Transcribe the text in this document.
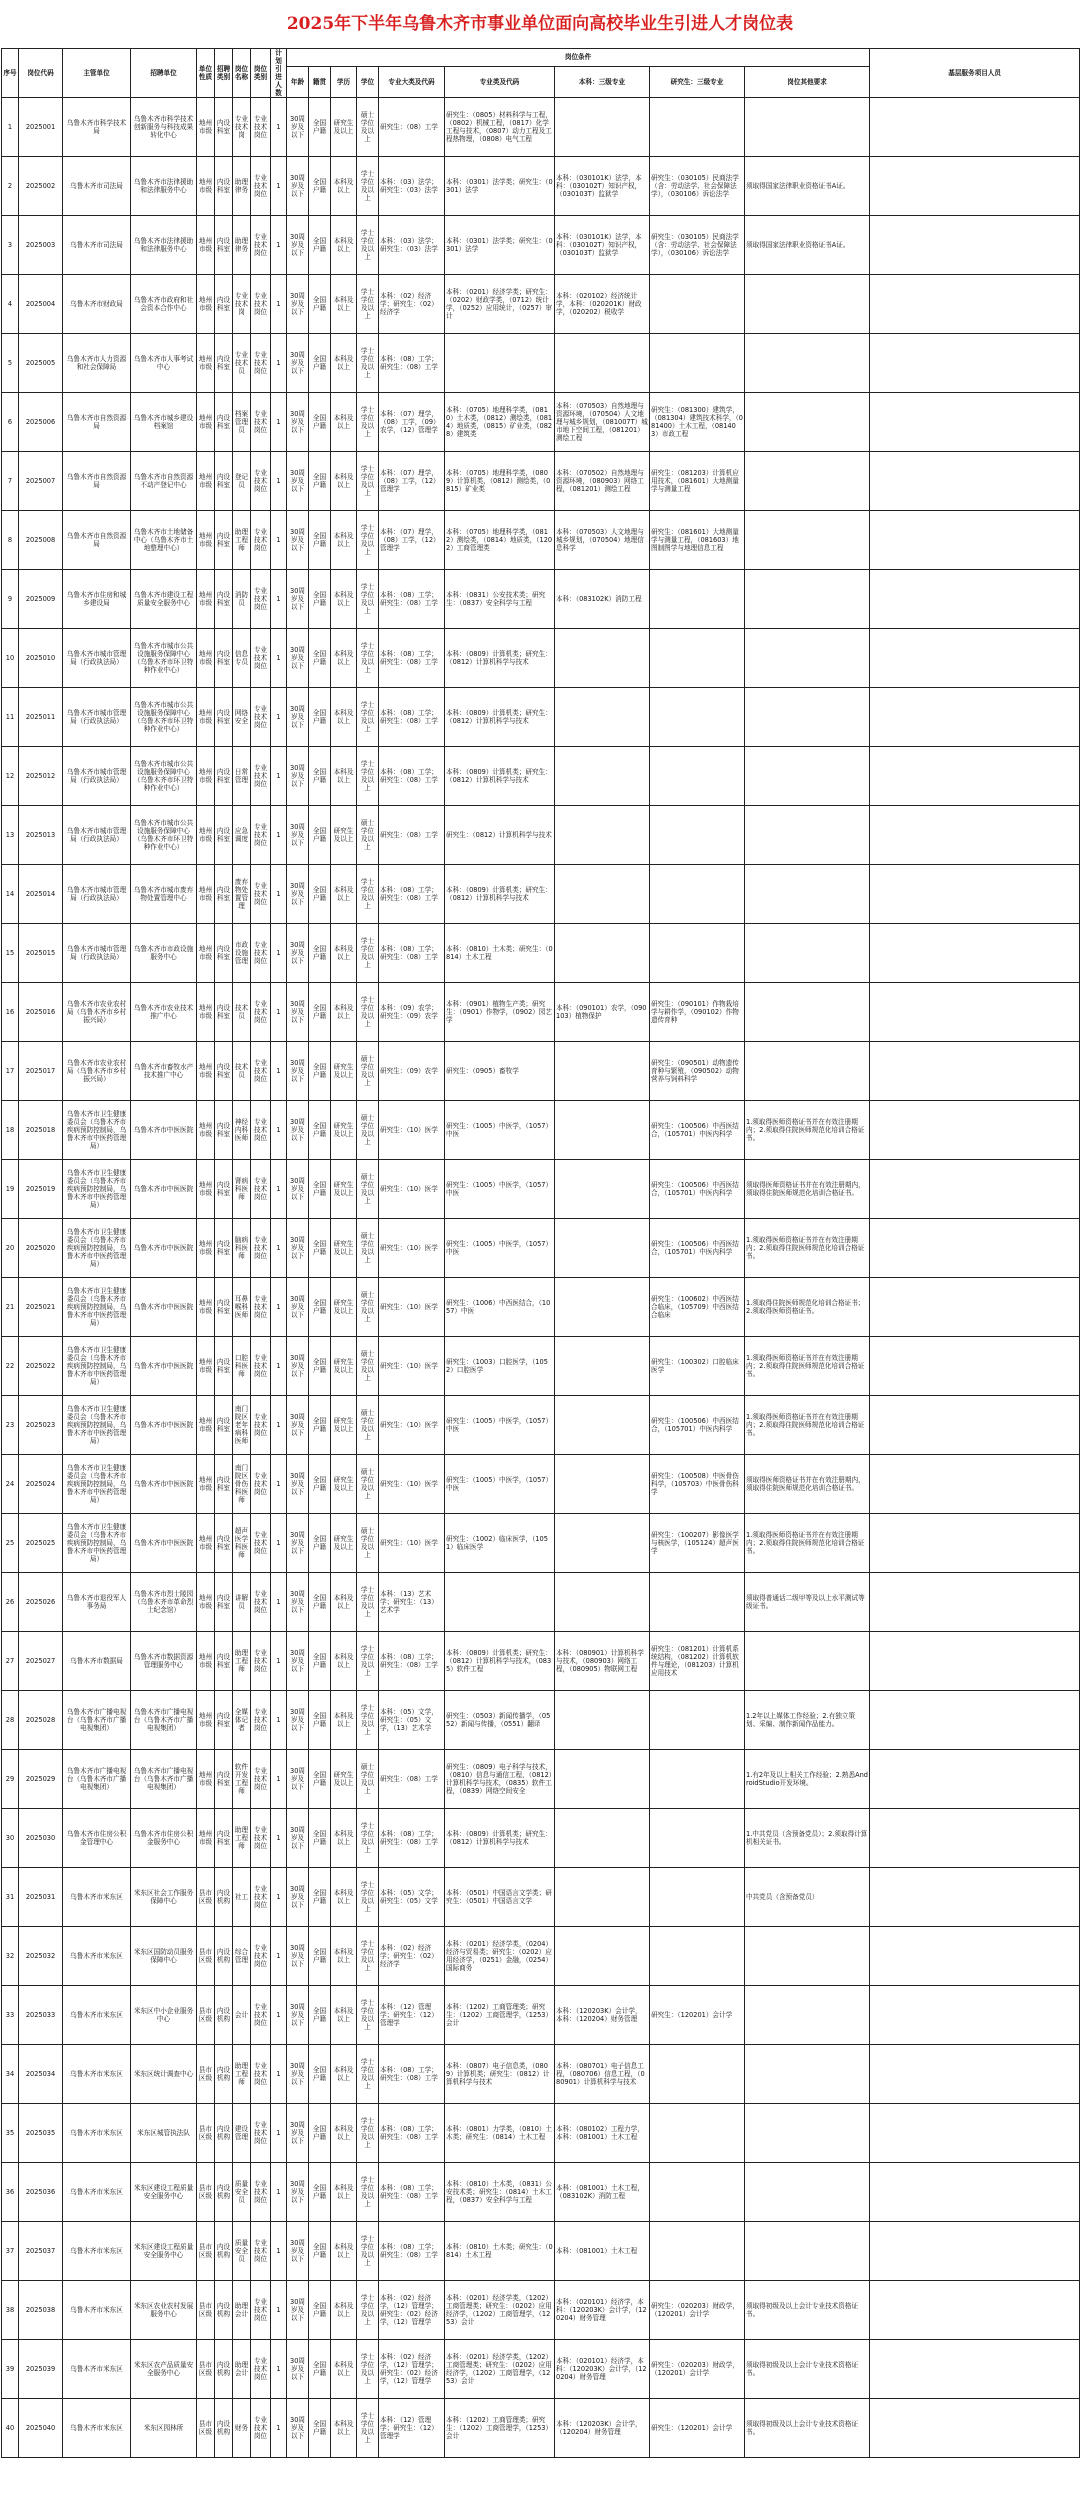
2025年下半年乌鲁木齐市事业单位面向高校毕业生引进人才岗位表
序号	岗位代码	主管单位	招聘单位	单位性质	招聘类别	岗位名称	岗位类别	计划引进人数	岗位条件									基层服务项目人员
									年龄	籍贯	学历	学位	专业大类及代码	专业类及代码	本科：三级专业	研究生：三级专业	岗位其他要求	
1	2025001	乌鲁木齐市科学技术局	乌鲁木齐市科学技术创新服务与科技成果转化中心	地州市级	内设科室	专业技术岗	专业技术岗位	1	30周岁及以下	全国户籍	研究生及以上	硕士学位及以上	研究生：（08）工学	研究生：（0805）材料科学与工程，（0802）机械工程，（0817）化学工程与技术，（0807）动力工程及工程热物理，（0808）电气工程				
2	2025002	乌鲁木齐市司法局	乌鲁木齐市法律援助和法律服务中心	地州市级	内设科室	助理律务	专业技术岗位	1	30周岁及以下	全国户籍	本科及以上	学士学位及以上	本科：（03）法学；研究生：（03）法学	本科：（0301）法学类；研究生：（0301）法学	本科：（030101K）法学，本科：（030102T）知识产权，（030103T）监狱学	研究生：（030105）民商法学（含：劳动法学、社会保障法学），（030106）诉讼法学	须取得国家法律职业资格证书A证。	
3	2025003	乌鲁木齐市司法局	乌鲁木齐市法律援助和法律服务中心	地州市级	内设科室	助理律务	专业技术岗位	1	30周岁及以下	全国户籍	本科及以上	学士学位及以上	本科：（03）法学；研究生：（03）法学	本科：（0301）法学类；研究生：（0301）法学	本科：（030101K）法学，本科：（030102T）知识产权，（030103T）监狱学	研究生：（030105）民商法学（含：劳动法学、社会保障法学），（030106）诉讼法学	须取得国家法律职业资格证书A证。	
4	2025004	乌鲁木齐市财政局	乌鲁木齐市政府和社会资本合作中心	地州市级	内设科室	专业技术岗	专业技术岗位	1	30周岁及以下	全国户籍	本科及以上	学士学位及以上	本科：（02）经济学；研究生：（02）经济学	本科：（0201）经济学类；研究生：（0202）财政学类，（0712）统计学，（0252）应用统计，（0257）审计	本科：（020102）经济统计学，本科：（020201K）财政学，（020202）税收学			
5	2025005	乌鲁木齐市人力资源和社会保障局	乌鲁木齐市人事考试中心	地州市级	内设科室	专业技术员	专业技术岗位	1	30周岁及以下	全国户籍	本科及以上	学士学位及以上	本科：（08）工学；研究生：（08）工学					
6	2025006	乌鲁木齐市自然资源局	乌鲁木齐市城乡建设档案馆	地州市级	内设科室	档案管理员	专业技术岗位	1	30周岁及以下	全国户籍	本科及以上	学士学位及以上	本科：（07）理学，（08）工学，（09）农学，（12）管理学	本科：（0705）地理科学类，（0810）土木类，（0812）测绘类，（0814）地质类，（0815）矿业类，（0828）建筑类	本科：（070503）自然地理与资源环境，（070504）人文地理与城乡规划，（081007T）城市地下空间工程，（081201）测绘工程	研究生：（081300）建筑学，（081304）建筑技术科学，（081400）土木工程，（081403）市政工程		
7	2025007	乌鲁木齐市自然资源局	乌鲁木齐市自然资源不动产登记中心	地州市级	内设科室	登记员	专业技术岗位	1	30周岁及以下	全国户籍	本科及以上	学士学位及以上	本科：（07）理学，（08）工学，（12）管理学	本科：（0705）地理科学类，（0809）计算机类，（0812）测绘类，（0815）矿业类	本科：（070502）自然地理与资源环境，（080903）网络工程，（081201）测绘工程	研究生：（081203）计算机应用技术，（081601）大地测量学与测量工程		
8	2025008	乌鲁木齐市自然资源局	乌鲁木齐市土地储备中心（乌鲁木齐市土地整理中心）	地州市级	内设科室	助理工程师	专业技术岗位	1	30周岁及以下	全国户籍	本科及以上	学士学位及以上	本科：（07）理学，（08）工学，（12）管理学	本科：（0705）地理科学类，（0812）测绘类，（0814）地质类，（1202）工商管理类	本科：（070503）人文地理与城乡规划，（070504）地理信息科学	研究生：（081601）大地测量学与测量工程，（081603）地图制图学与地理信息工程		
9	2025009	乌鲁木齐市住房和城乡建设局	乌鲁木齐市建设工程质量安全服务中心	地州市级	内设科室	消防员	专业技术岗位	1	30周岁及以下	全国户籍	本科及以上	学士学位及以上	本科：（08）工学；研究生：（08）工学	本科：（0831）公安技术类；研究生：（0837）安全科学与工程	本科：（083102K）消防工程			
10	2025010	乌鲁木齐市城市管理局（行政执法局）	乌鲁木齐市城市公共设施服务保障中心（乌鲁木齐市环卫特种作业中心）	地州市级	内设科室	信息专员	专业技术岗位	1	30周岁及以下	全国户籍	本科及以上	学士学位及以上	本科：（08）工学；研究生：（08）工学	本科：（0809）计算机类；研究生：（0812）计算机科学与技术				
11	2025011	乌鲁木齐市城市管理局（行政执法局）	乌鲁木齐市城市公共设施服务保障中心（乌鲁木齐市环卫特种作业中心）	地州市级	内设科室	网络安全	专业技术岗位	1	30周岁及以下	全国户籍	本科及以上	学士学位及以上	本科：（08）工学；研究生：（08）工学	本科：（0809）计算机类；研究生：（0812）计算机科学与技术				
12	2025012	乌鲁木齐市城市管理局（行政执法局）	乌鲁木齐市城市公共设施服务保障中心（乌鲁木齐市环卫特种作业中心）	地州市级	内设科室	日常管理	专业技术岗位	1	30周岁及以下	全国户籍	本科及以上	学士学位及以上	本科：（08）工学；研究生：（08）工学	本科：（0809）计算机类；研究生：（0812）计算机科学与技术				
13	2025013	乌鲁木齐市城市管理局（行政执法局）	乌鲁木齐市城市公共设施服务保障中心（乌鲁木齐市环卫特种作业中心）	地州市级	内设科室	应急调度	专业技术岗位	1	30周岁及以下	全国户籍	研究生及以上	硕士学位及以上	研究生：（08）工学	研究生：（0812）计算机科学与技术				
14	2025014	乌鲁木齐市城市管理局（行政执法局）	乌鲁木齐市城市废弃物处置管理中心	地州市级	内设科室	废弃物处置管理	专业技术岗位	1	30周岁及以下	全国户籍	本科及以上	学士学位及以上	本科：（08）工学；研究生：（08）工学	本科：（0809）计算机类；研究生：（0812）计算机科学与技术				
15	2025015	乌鲁木齐市城市管理局（行政执法局）	乌鲁木齐市市政设施服务中心	地州市级	内设科室	市政设施管理	专业技术岗位	1	30周岁及以下	全国户籍	本科及以上	学士学位及以上	本科：（08）工学；研究生：（08）工学	本科：（0810）土木类；研究生：（0814）土木工程				
16	2025016	乌鲁木齐市农业农村局（乌鲁木齐市乡村振兴局）	乌鲁木齐市农业技术推广中心	地州市级	内设科室	技术员	专业技术岗位	1	30周岁及以下	全国户籍	本科及以上	学士学位及以上	本科：（09）农学；研究生：（09）农学	本科：（0901）植物生产类；研究生：（0901）作物学，（0902）园艺学	本科：（090101）农学，（090103）植物保护	研究生：（090101）作物栽培学与耕作学，（090102）作物遗传育种		
17	2025017	乌鲁木齐市农业农村局（乌鲁木齐市乡村振兴局）	乌鲁木齐市畜牧水产技术推广中心	地州市级	内设科室	技术员	专业技术岗位	1	30周岁及以下	全国户籍	研究生及以上	硕士学位及以上	研究生：（09）农学	研究生：（0905）畜牧学		研究生：（090501）动物遗传育种与繁殖，（090502）动物营养与饲料科学		
18	2025018	乌鲁木齐市卫生健康委员会（乌鲁木齐市疾病预防控制局，乌鲁木齐市中医药管理局）	乌鲁木齐市中医医院	地州市级	内设科室	神经内科医师	专业技术岗位	1	30周岁及以下	全国户籍	研究生及以上	硕士学位及以上	研究生：（10）医学	研究生：（1005）中医学，（1057）中医		研究生：（100506）中西医结合，（105701）中医内科学	1.须取得医师资格证书并在有效注册期内；2.须取得住院医师规范化培训合格证书。	
19	2025019	乌鲁木齐市卫生健康委员会（乌鲁木齐市疾病预防控制局，乌鲁木齐市中医药管理局）	乌鲁木齐市中医医院	地州市级	内设科室	肾病科医师	专业技术岗位	1	30周岁及以下	全国户籍	研究生及以上	硕士学位及以上	研究生：（10）医学	研究生：（1005）中医学，（1057）中医		研究生：（100506）中西医结合，（105701）中医内科学	须取得医师资格证书并在有效注册期内，须取得住院医师规范化培训合格证书。	
20	2025020	乌鲁木齐市卫生健康委员会（乌鲁木齐市疾病预防控制局，乌鲁木齐市中医药管理局）	乌鲁木齐市中医医院	地州市级	内设科室	脑病科医师	专业技术岗位	1	30周岁及以下	全国户籍	研究生及以上	硕士学位及以上	研究生：（10）医学	研究生：（1005）中医学，（1057）中医		研究生：（100506）中西医结合，（105701）中医内科学	1.须取得医师资格证书并在有效注册期内；2.须取得住院医师规范化培训合格证书。	
21	2025021	乌鲁木齐市卫生健康委员会（乌鲁木齐市疾病预防控制局，乌鲁木齐市中医药管理局）	乌鲁木齐市中医医院	地州市级	内设科室	耳鼻喉科医师	专业技术岗位	1	30周岁及以下	全国户籍	研究生及以上	硕士学位及以上	研究生：（10）医学	研究生：（1006）中西医结合，（1057）中医		研究生：（100602）中西医结合临床，（105709）中西医结合临床	1.须取得住院医师规范化培训合格证书；2.须取得医师资格证书。	
22	2025022	乌鲁木齐市卫生健康委员会（乌鲁木齐市疾病预防控制局，乌鲁木齐市中医药管理局）	乌鲁木齐市中医医院	地州市级	内设科室	口腔科医师	专业技术岗位	1	30周岁及以下	全国户籍	研究生及以上	硕士学位及以上	研究生：（10）医学	研究生：（1003）口腔医学，（1052）口腔医学		研究生：（100302）口腔临床医学	1.须取得医师资格证书并在有效注册期内；2.须取得住院医师规范化培训合格证书。	
23	2025023	乌鲁木齐市卫生健康委员会（乌鲁木齐市疾病预防控制局，乌鲁木齐市中医药管理局）	乌鲁木齐市中医医院	地州市级	内设科室	南门院区老年病科医师	专业技术岗位	1	30周岁及以下	全国户籍	研究生及以上	硕士学位及以上	研究生：（10）医学	研究生：（1005）中医学，（1057）中医		研究生：（100506）中西医结合，（105701）中医内科学	1.须取得医师资格证书并在有效注册期内；2.须取得住院医师规范化培训合格证书。	
24	2025024	乌鲁木齐市卫生健康委员会（乌鲁木齐市疾病预防控制局，乌鲁木齐市中医药管理局）	乌鲁木齐市中医医院	地州市级	内设科室	南门院区骨伤科医师	专业技术岗位	1	30周岁及以下	全国户籍	研究生及以上	硕士学位及以上	研究生：（10）医学	研究生：（1005）中医学，（1057）中医		研究生：（100508）中医骨伤科学，（105703）中医骨伤科学	须取得医师资格证书并在有效注册期内，须取得住院医师规范化培训合格证书。	
25	2025025	乌鲁木齐市卫生健康委员会（乌鲁木齐市疾病预防控制局，乌鲁木齐市中医药管理局）	乌鲁木齐市中医医院	地州市级	内设科室	超声医学科医师	专业技术岗位	1	30周岁及以下	全国户籍	研究生及以上	硕士学位及以上	研究生：（10）医学	研究生：（1002）临床医学，（1051）临床医学		研究生：（100207）影像医学与核医学，（105124）超声医学	1.须取得医师资格证书并在有效注册期内；2.须取得住院医师规范化培训合格证书。	
26	2025026	乌鲁木齐市退役军人事务局	乌鲁木齐市烈士陵园（乌鲁木齐市革命烈士纪念馆）	地州市级	内设科室	讲解员	专业技术岗位	1	30周岁及以下	全国户籍	本科及以上	学士学位及以上	本科：（13）艺术学；研究生：（13）艺术学				须取得普通话二级甲等及以上水平测试等级证书。	
27	2025027	乌鲁木齐市数据局	乌鲁木齐市数据资源管理服务中心	地州市级	内设科室	助理工程师	专业技术岗位	1	30周岁及以下	全国户籍	本科及以上	学士学位及以上	本科：（08）工学；研究生：（08）工学	本科：（0809）计算机类；研究生：（0812）计算机科学与技术，（0835）软件工程	本科：（080901）计算机科学与技术，（080903）网络工程，（080905）物联网工程	研究生：（081201）计算机系统结构，（081202）计算机软件与理论，（081203）计算机应用技术		
28	2025028	乌鲁木齐市广播电视台（乌鲁木齐市广播电视集团）	乌鲁木齐市广播电视台（乌鲁木齐市广播电视集团）	地州市级	内设科室	全媒体记者	专业技术岗位	1	30周岁及以下	全国户籍	本科及以上	学士学位及以上	本科：（05）文学，研究生：（05）文学，（13）艺术学	研究生：（0503）新闻传播学，（0552）新闻与传播，（0551）翻译			1.2年以上媒体工作经验；2.有独立策划、采编、制作新闻作品能力。	
29	2025029	乌鲁木齐市广播电视台（乌鲁木齐市广播电视集团）	乌鲁木齐市广播电视台（乌鲁木齐市广播电视集团）	地州市级	内设科室	软件开发工程师	专业技术岗位	1	30周岁及以下	全国户籍	研究生及以上	硕士学位及以上	研究生：（08）工学	研究生：（0809）电子科学与技术，（0810）信息与通信工程，（0812）计算机科学与技术，（0835）软件工程，（0839）网络空间安全			1.有2年及以上相关工作经验；2.熟悉AndroidStudio开发环境。	
30	2025030	乌鲁木齐市住房公积金管理中心	乌鲁木齐市住房公积金服务中心	地州市级	内设科室	助理工程师	专业技术岗位	1	30周岁及以下	全国户籍	本科及以上	学士学位及以上	本科：（08）工学；研究生：（08）工学	本科：（0809）计算机类；研究生：（0812）计算机科学与技术			1.中共党员（含预备党员）；2.须取得计算机相关证书。	
31	2025031	乌鲁木齐市米东区	米东区社会工作服务保障中心	县市区级	内设机构	社工	专业技术岗位	1	30周岁及以下	全国户籍	本科及以上	学士学位及以上	本科：（05）文学；研究生：（05）文学	本科：（0501）中国语言文学类；研究生：（0501）中国语言文学			中共党员（含预备党员）	
32	2025032	乌鲁木齐市米东区	米东区国防动员服务保障中心	县市区级	内设机构	综合管理	专业技术岗位	1	30周岁及以下	全国户籍	本科及以上	学士学位及以上	本科：（02）经济学；研究生：（02）经济学	本科：（0201）经济学类，（0204）经济与贸易类；研究生：（0202）应用经济学，（0251）金融，（0254）国际商务				
33	2025033	乌鲁木齐市米东区	米东区中小企业服务中心	县市区级	内设机构	会计	专业技术岗位	1	30周岁及以下	全国户籍	本科及以上	学士学位及以上	本科：（12）管理学；研究生：（12）管理学	本科：（1202）工商管理类；研究生：（1202）工商管理学，（1253）会计	本科：（120203K）会计学，本科：（120204）财务管理	研究生：（120201）会计学		
34	2025034	乌鲁木齐市米东区	米东区统计调查中心	县市区级	内设机构	助理工程师	专业技术岗位	1	30周岁及以下	全国户籍	本科及以上	学士学位及以上	本科：（08）工学；研究生：（08）工学	本科：（0807）电子信息类，（0809）计算机类；研究生：（0812）计算机科学与技术	本科：（080701）电子信息工程，（080706）信息工程，（080901）计算机科学与技术			
35	2025035	乌鲁木齐市米东区	米东区城管执法队	县市区级	内设机构	建设管理	专业技术岗位	1	30周岁及以下	全国户籍	本科及以上	学士学位及以上	本科：（08）工学；研究生：（08）工学	本科：（0801）力学类，（0810）土木类；研究生：（0814）土木工程	本科：（080102）工程力学，本科：（081001）土木工程			
36	2025036	乌鲁木齐市米东区	米东区建设工程质量安全服务中心	县市区级	内设机构	质量安全员	专业技术岗位	1	30周岁及以下	全国户籍	本科及以上	学士学位及以上	本科：（08）工学；研究生：（08）工学	本科：（0810）土木类，（0831）公安技术类；研究生：（0814）土木工程，（0837）安全科学与工程	本科：（081001）土木工程，（083102K）消防工程			
37	2025037	乌鲁木齐市米东区	米东区建设工程质量安全服务中心	县市区级	内设机构	质量安全员	专业技术岗位	1	30周岁及以下	全国户籍	本科及以上	学士学位及以上	本科：（08）工学；研究生：（08）工学	本科：（0810）土木类；研究生：（0814）土木工程	本科：（081001）土木工程			
38	2025038	乌鲁木齐市米东区	米东区农业农村发展服务中心	县市区级	内设机构	助理会计	专业技术岗位	1	30周岁及以下	全国户籍	本科及以上	学士学位及以上	本科：（02）经济学，（12）管理学；研究生：（02）经济学，（12）管理学	本科：（0201）经济学类，（1202）工商管理类；研究生：（0202）应用经济学，（1202）工商管理学，（1253）会计	本科：（020101）经济学，本科：（120203K）会计学，（120204）财务管理	研究生：（020203）财政学，（120201）会计学	须取得初级及以上会计专业技术资格证书。	
39	2025039	乌鲁木齐市米东区	米东区农产品质量安全服务中心	县市区级	内设机构	助理会计	专业技术岗位	1	30周岁及以下	全国户籍	本科及以上	学士学位及以上	本科：（02）经济学，（12）管理学；研究生：（02）经济学，（12）管理学	本科：（0201）经济学类，（1202）工商管理类；研究生：（0202）应用经济学，（1202）工商管理学，（1253）会计	本科：（020101）经济学，本科：（120203K）会计学，（120204）财务管理	研究生：（020203）财政学，（120201）会计学	须取得初级及以上会计专业技术资格证书。	
40	2025040	乌鲁木齐市米东区	米东区园林所	县市区级	内设机构	财务	专业技术岗位	1	30周岁及以下	全国户籍	本科及以上	学士学位及以上	本科：（12）管理学；研究生：（12）管理学	本科：（1202）工商管理类；研究生：（1202）工商管理学，（1253）会计	本科：（120203K）会计学，（120204）财务管理	研究生：（120201）会计学	须取得初级及以上会计专业技术资格证书。	
